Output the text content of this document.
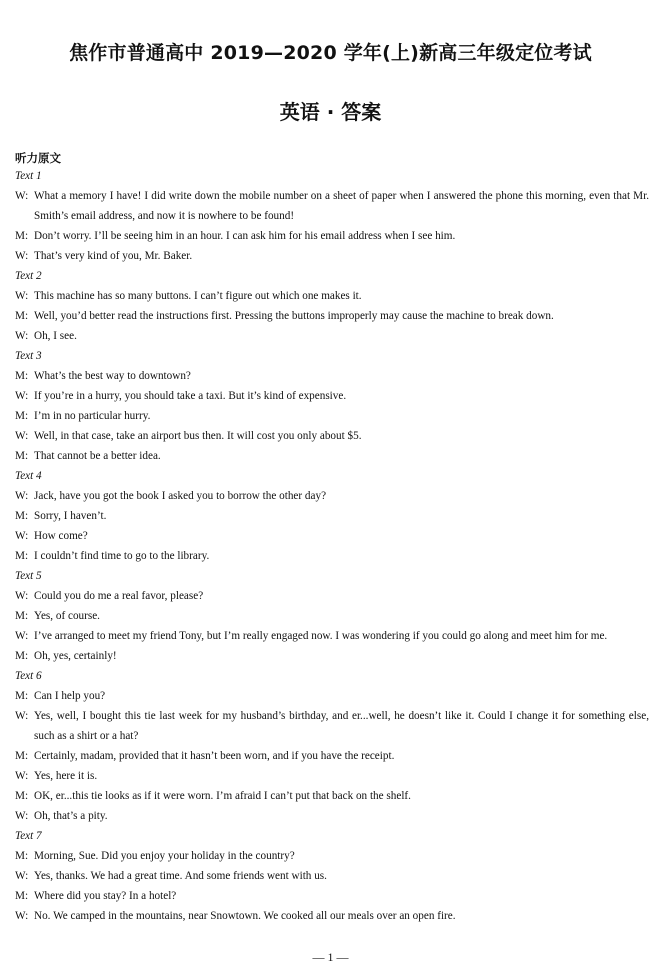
焦作市普通高中 2019—2020 学年(上)新高三年级定位考试
英语 · 答案
听力原文
Text 1
W: What a memory I have! I did write down the mobile number on a sheet of paper when I answered the phone this morning, even that Mr. Smith’s email address, and now it is nowhere to be found!
M: Don’t worry. I’ll be seeing him in an hour. I can ask him for his email address when I see him.
W: That’s very kind of you, Mr. Baker.
Text 2
W: This machine has so many buttons. I can’t figure out which one makes it.
M: Well, you’d better read the instructions first. Pressing the buttons improperly may cause the machine to break down.
W: Oh, I see.
Text 3
M: What’s the best way to downtown?
W: If you’re in a hurry, you should take a taxi. But it’s kind of expensive.
M: I’m in no particular hurry.
W: Well, in that case, take an airport bus then. It will cost you only about $5.
M: That cannot be a better idea.
Text 4
W: Jack, have you got the book I asked you to borrow the other day?
M: Sorry, I haven’t.
W: How come?
M: I couldn’t find time to go to the library.
Text 5
W: Could you do me a real favor, please?
M: Yes, of course.
W: I’ve arranged to meet my friend Tony, but I’m really engaged now. I was wondering if you could go along and meet him for me.
M: Oh, yes, certainly!
Text 6
M: Can I help you?
W: Yes, well, I bought this tie last week for my husband’s birthday, and er...well, he doesn’t like it. Could I change it for something else, such as a shirt or a hat?
M: Certainly, madam, provided that it hasn’t been worn, and if you have the receipt.
W: Yes, here it is.
M: OK, er...this tie looks as if it were worn. I’m afraid I can’t put that back on the shelf.
W: Oh, that’s a pity.
Text 7
M: Morning, Sue. Did you enjoy your holiday in the country?
W: Yes, thanks. We had a great time. And some friends went with us.
M: Where did you stay? In a hotel?
W: No. We camped in the mountains, near Snowtown. We cooked all our meals over an open fire.
— 1 —
